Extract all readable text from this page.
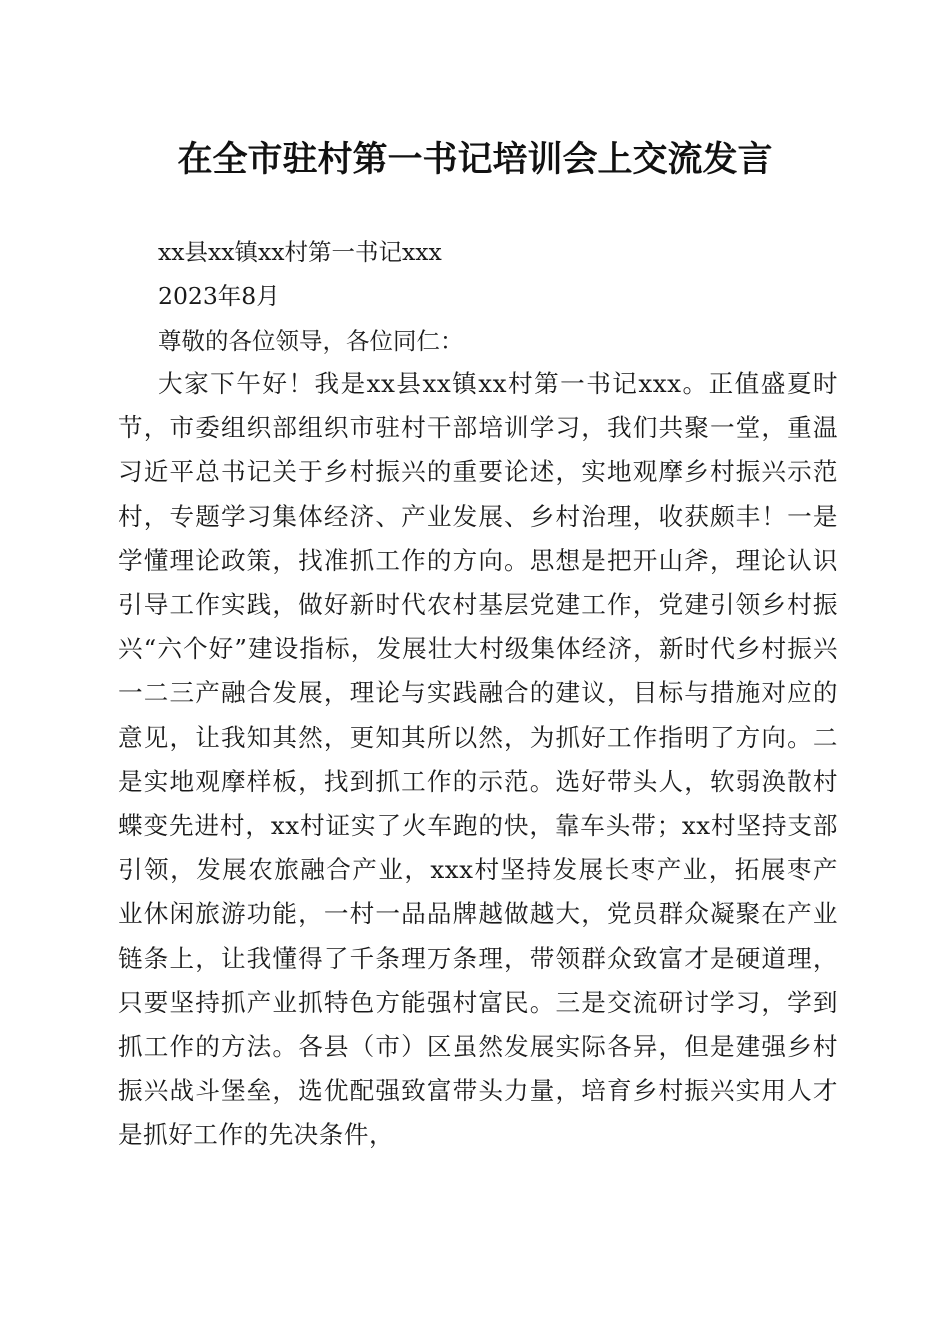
在全市驻村第一书记培训会上交流发言
xx县xx镇xx村第一书记xxx
2023年8月
尊敬的各位领导，各位同仁：

大家下午好！我是xx县xx镇xx村第一书记xxx。正值盛夏时节，市委组织部组织市驻村干部培训学习，我们共聚一堂，重温习近平总书记关于乡村振兴的重要论述，实地观摩乡村振兴示范村，专题学习集体经济、产业发展、乡村治理，收获颇丰！一是学懂理论政策，找准抓工作的方向。思想是把开山斧，理论认识引导工作实践，做好新时代农村基层党建工作，党建引领乡村振兴“六个好”建设指标，发展壮大村级集体经济，新时代乡村振兴一二三产融合发展，理论与实践融合的建议，目标与措施对应的意见，让我知其然，更知其所以然，为抓好工作指明了方向。二是实地观摩样板，找到抓工作的示范。选好带头人，软弱涣散村蝶变先进村，xx村证实了火车跑的快，靠车头带；xx村坚持支部引领，发展农旅融合产业，xxx村坚持发展长枣产业，拓展枣产业休闲旅游功能，一村一品品牌越做越大，党员群众凝聚在产业链条上，让我懂得了千条理万条理，带领群众致富才是硬道理，只要坚持抓产业抓特色方能强村富民。三是交流研讨学习，学到抓工作的方法。各县（市）区虽然发展实际各异，但是建强乡村振兴战斗堡垒，选优配强致富带头力量，培育乡村振兴实用人才是抓好工作的先决条件，
